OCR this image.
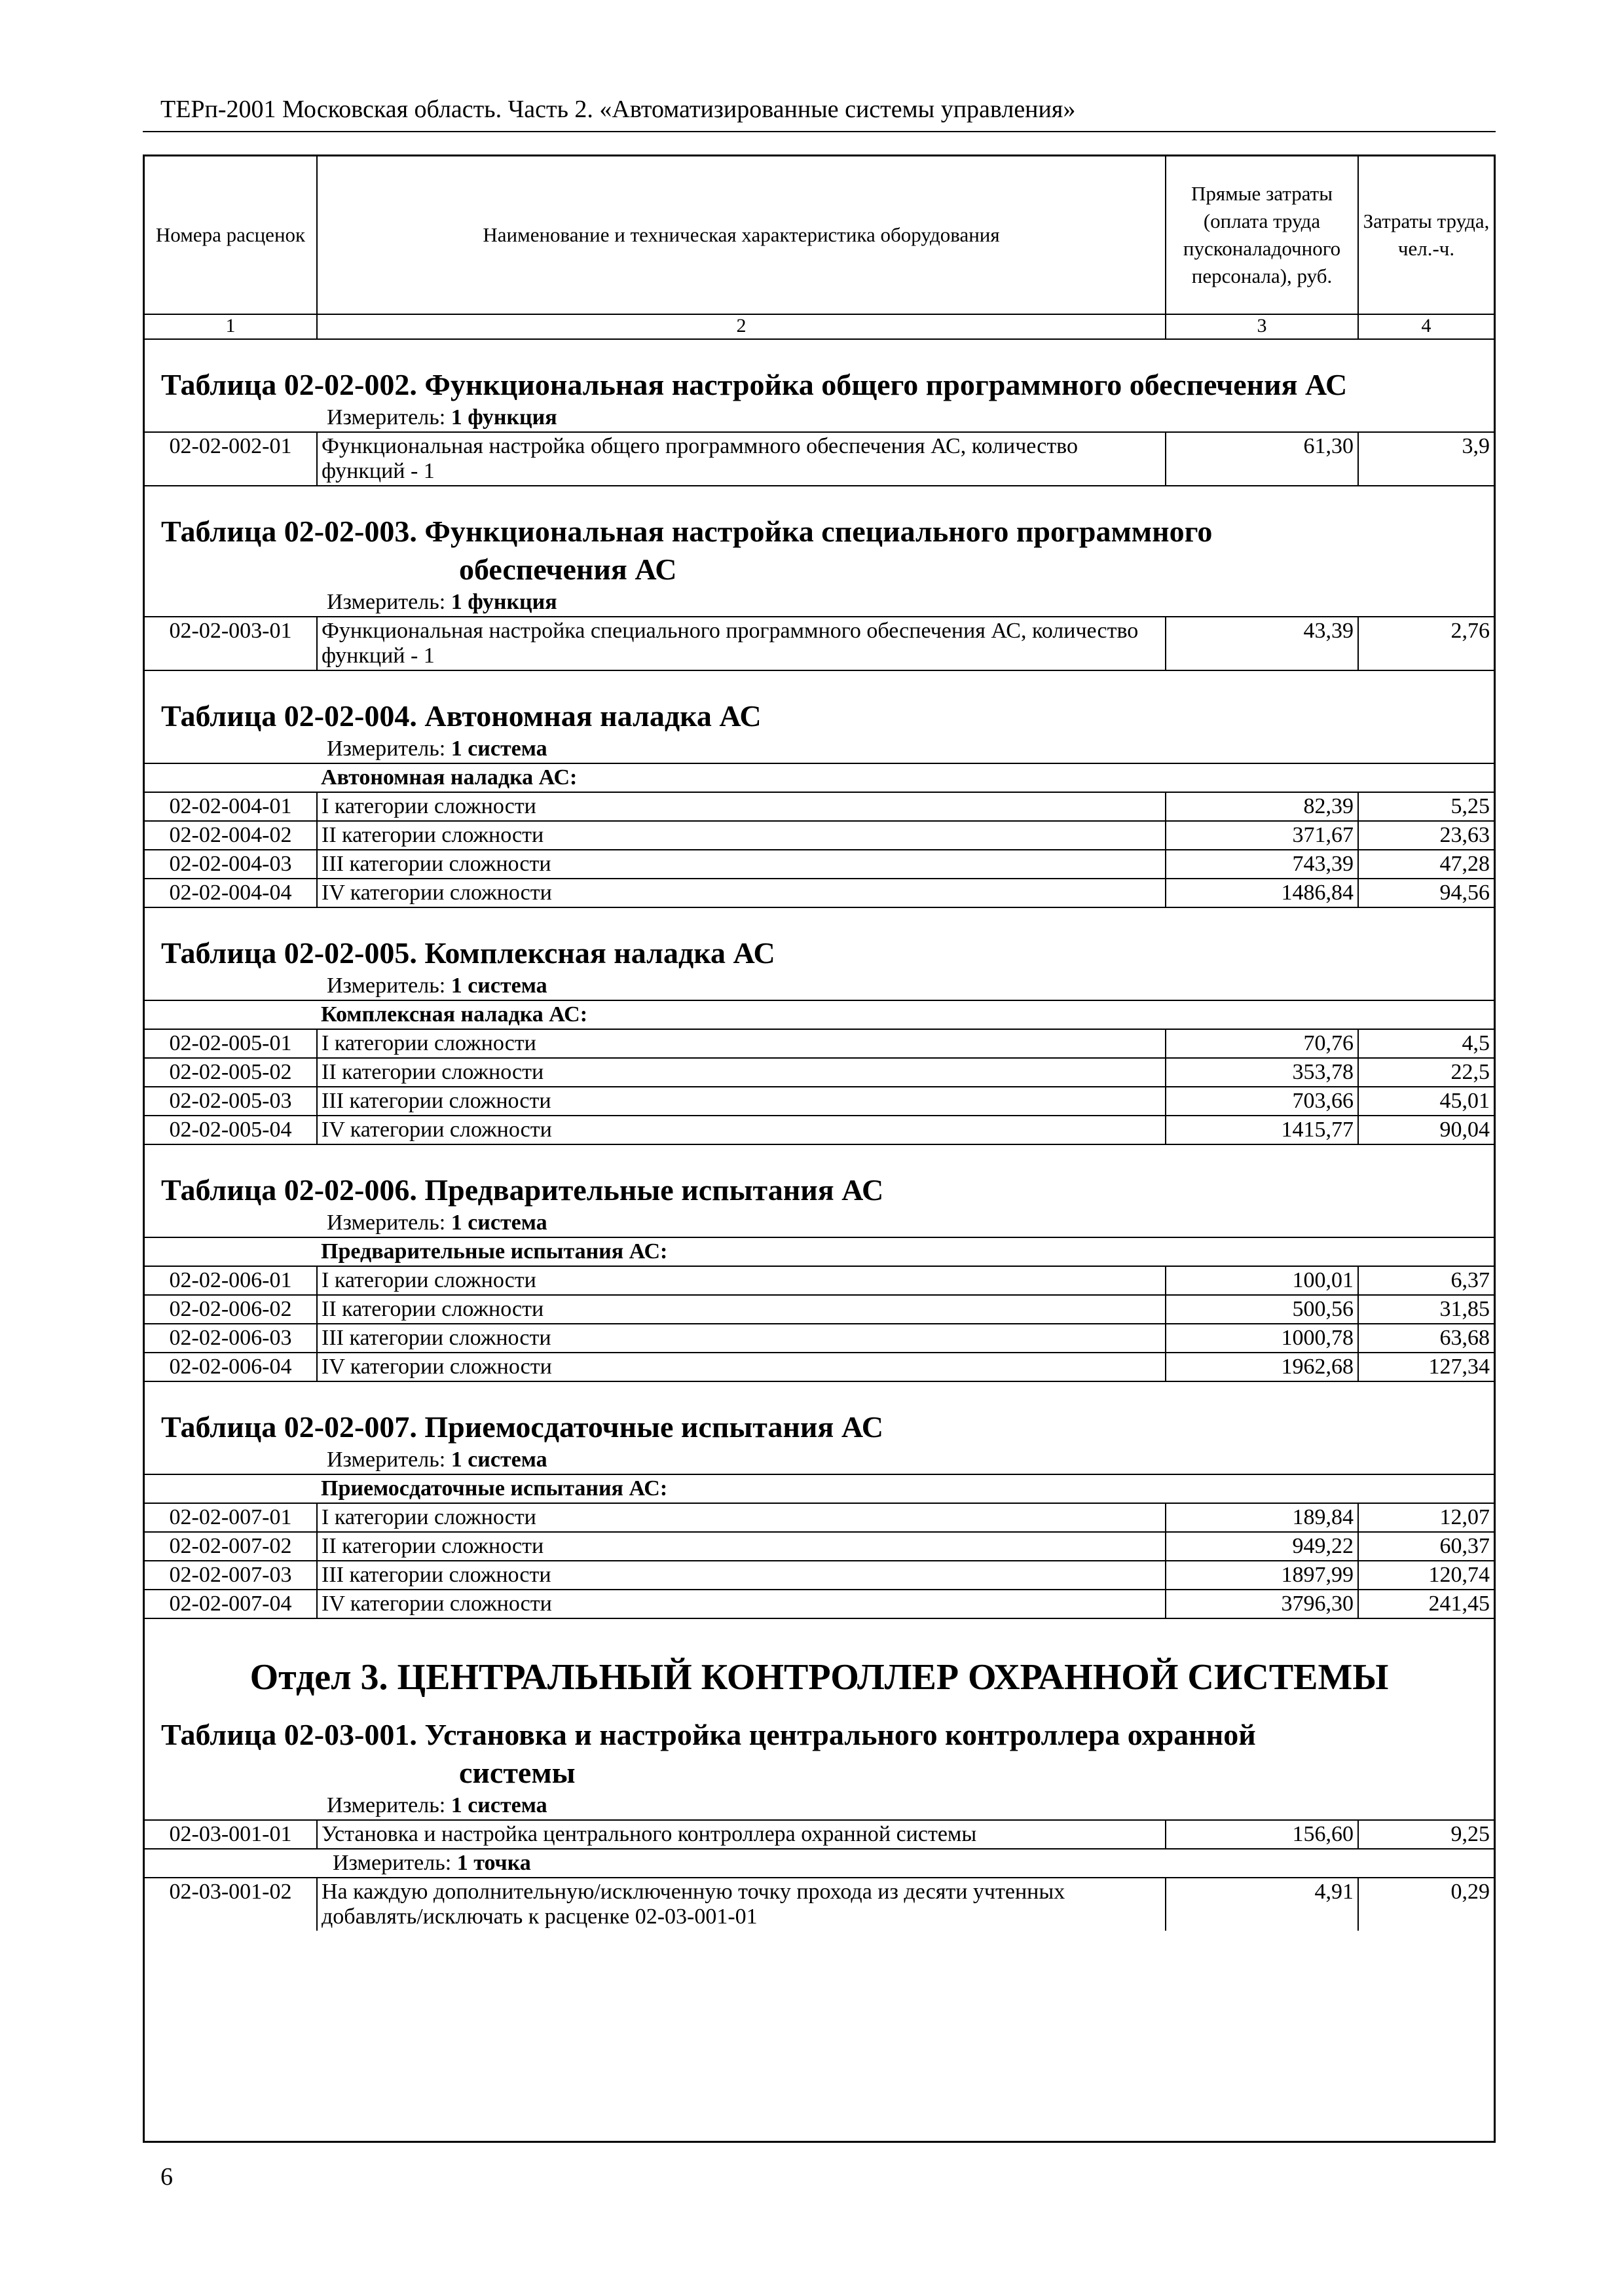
ТЕРп-2001 Московская область. Часть 2. «Автоматизированные системы управления»
Номера расценок	Наименование и техническая характеристика оборудования	Прямые затраты (оплата труда пусконаладочного персонала), руб.	Затраты труда, чел.-ч.
1	2	3	4

Таблица 02-02-002. Функциональная настройка общего программного обеспечения АС
Измеритель: 1 функция			

02-02-002-01	Функциональная настройка общего программного обеспечения АС, количество функций - 1	61,30	3,9

Таблица 02-02-003. Функциональная настройка специального программного
обеспечения АС
Измеритель: 1 функция			

02-02-003-01	Функциональная настройка специального программного обеспечения АС, количество функций - 1	43,39	2,76

Таблица 02-02-004. Автономная наладка АС
Измеритель: 1 система			

	Автономная наладка АС:		
02-02-004-01	I категории сложности	82,39	5,25
02-02-004-02	II категории сложности	371,67	23,63
02-02-004-03	III категории сложности	743,39	47,28
02-02-004-04	IV категории сложности	1486,84	94,56

Таблица 02-02-005. Комплексная наладка АС
Измеритель: 1 система			

	Комплексная наладка АС:		
02-02-005-01	I категории сложности	70,76	4,5
02-02-005-02	II категории сложности	353,78	22,5
02-02-005-03	III категории сложности	703,66	45,01
02-02-005-04	IV категории сложности	1415,77	90,04

Таблица 02-02-006. Предварительные испытания АС
Измеритель: 1 система			

	Предварительные испытания АС:		
02-02-006-01	I категории сложности	100,01	6,37
02-02-006-02	II категории сложности	500,56	31,85
02-02-006-03	III категории сложности	1000,78	63,68
02-02-006-04	IV категории сложности	1962,68	127,34

Таблица 02-02-007. Приемосдаточные испытания АС
Измеритель: 1 система			

	Приемосдаточные испытания АС:		
02-02-007-01	I категории сложности	189,84	12,07
02-02-007-02	II категории сложности	949,22	60,37
02-02-007-03	III категории сложности	1897,99	120,74
02-02-007-04	IV категории сложности	3796,30	241,45

Отдел 3. ЦЕНТРАЛЬНЫЙ КОНТРОЛЛЕР ОХРАННОЙ СИСТЕМЫ
Таблица 02-03-001. Установка и настройка центрального контроллера охранной
системы
Измеритель: 1 система			

02-03-001-01	Установка и настройка центрального контроллера охранной системы	156,60	9,25
	Измеритель: 1 точка		
02-03-001-02	На каждую дополнительную/исключенную точку прохода из десяти учтенных добавлять/исключать к расценке 02-03-001-01	4,91	0,29
6
